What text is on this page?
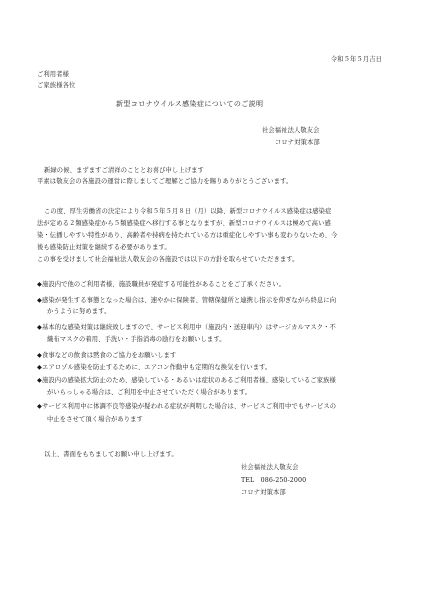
令和５年５月吉日
ご利用者様
ご家族様各位
新型コロナウイルス感染症についてのご説明
社会福祉法人敬友会
コロナ対策本部
新緑の候、まずますご清祥のこととお喜び申し上げます
平素は敬友会の各施設の運営に際しましてご理解とご協力を賜りありがとうございます。
この度、厚生労働省の決定により令和５年５月８日（月）以降、新型コロナウイルス感染症は感染症
法が定める２類感染症から５類感染症へ移行する事となりますが、新型コロナウイルスは極めて高い感
染・伝播しやすい特性があり、高齢者や持病を持たれている方は重症化しやすい事も変わりないため、今
後も感染防止対策を継続する必要があります。
この事を受けまして社会福祉法人敬友会の各施設では以下の方針を取らせていただきます。
◆施設内で他のご利用者様、施設職員が発症する可能性があることをご了承ください。
◆感染が発生する事態となった場合は、速やかに保険者、管轄保健所と連携し指示を仰ぎながら終息に向
かうように努めます。
◆基本的な感染対策は継続致しますので、サービス利用中（施設内・送迎車内）はサージカルマスク・不
織布マスクの着用、手洗い・手指消毒の励行をお願いします。
◆食事などの飲食は黙食のご協力をお願いします
◆エアロゾル感染を防止するために、エアコン作動中も定期的な換気を行います。
◆施設内の感染拡大防止のため、感染している・あるいは症状のあるご利用者様、感染しているご家族様
がいらっしゃる場合は、ご利用を中止させていただく場合があります。
◆サービス利用中に体調不良等感染が疑われる症状が判明した場合は、サービスご利用中でもサービスの
中止をさせて頂く場合があります
以上、書面をもちましてお願い申し上げます。
社会福祉法人敬友会
TEL　086-250-2000
コロナ対策本部
